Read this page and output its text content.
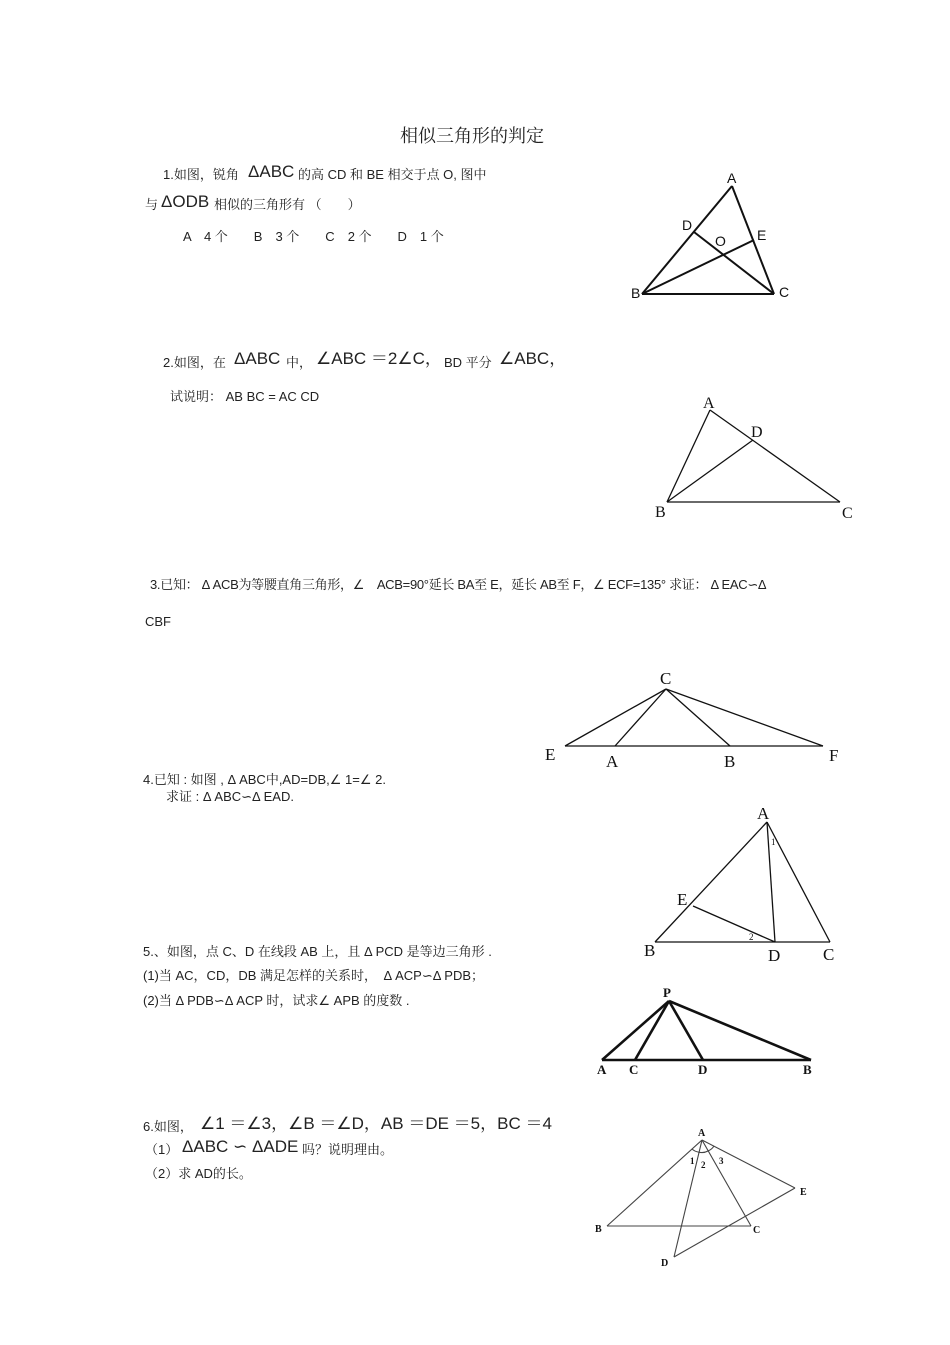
相似三角形的判定
1.如图，锐角 ΔABC 的高 CD 和 BE 相交于点 O, 图中
与 ΔODB 相似的三角形有 （　　）
A　4 个　　B　3 个　　C　2 个　　D　1 个
A
D
O E
B	C
2.如图，在 ΔABC 中， ∠ABC ＝2∠C， BD 平分 ∠ABC，
试说明： AB BC = AC CD	A
D
B	C
3.已知： Δ ACB为等腰直角三角形，∠　ACB=90°延长 BA至 E，延长 AB至 F，∠ ECF=135° 求证： Δ EAC∽Δ
CBF
C
E	A	B	F
4.已知 : 如图 , Δ ABC中,AD=DB,∠ 1=∠ 2.
求证 : Δ ABC∽Δ EAD.
A
E
B	D	C
1
2
5.、如图，点 C、D 在线段 AB 上，且 Δ PCD 是等边三角形 .
(1)当 AC，CD，DB 满足怎样的关系时，　Δ ACP∽Δ PDB；
(2)当 Δ PDB∽Δ ACP 时，试求∠ APB 的度数 .
P
A C	D	B
6.如图， ∠1 ＝∠3，∠B ＝∠D，AB ＝DE ＝5，BC ＝4
（1） ΔABC ∽ ΔADE 吗？说明理由。
（2）求 AD的长。
A
B	C
D
E
1 2 3
